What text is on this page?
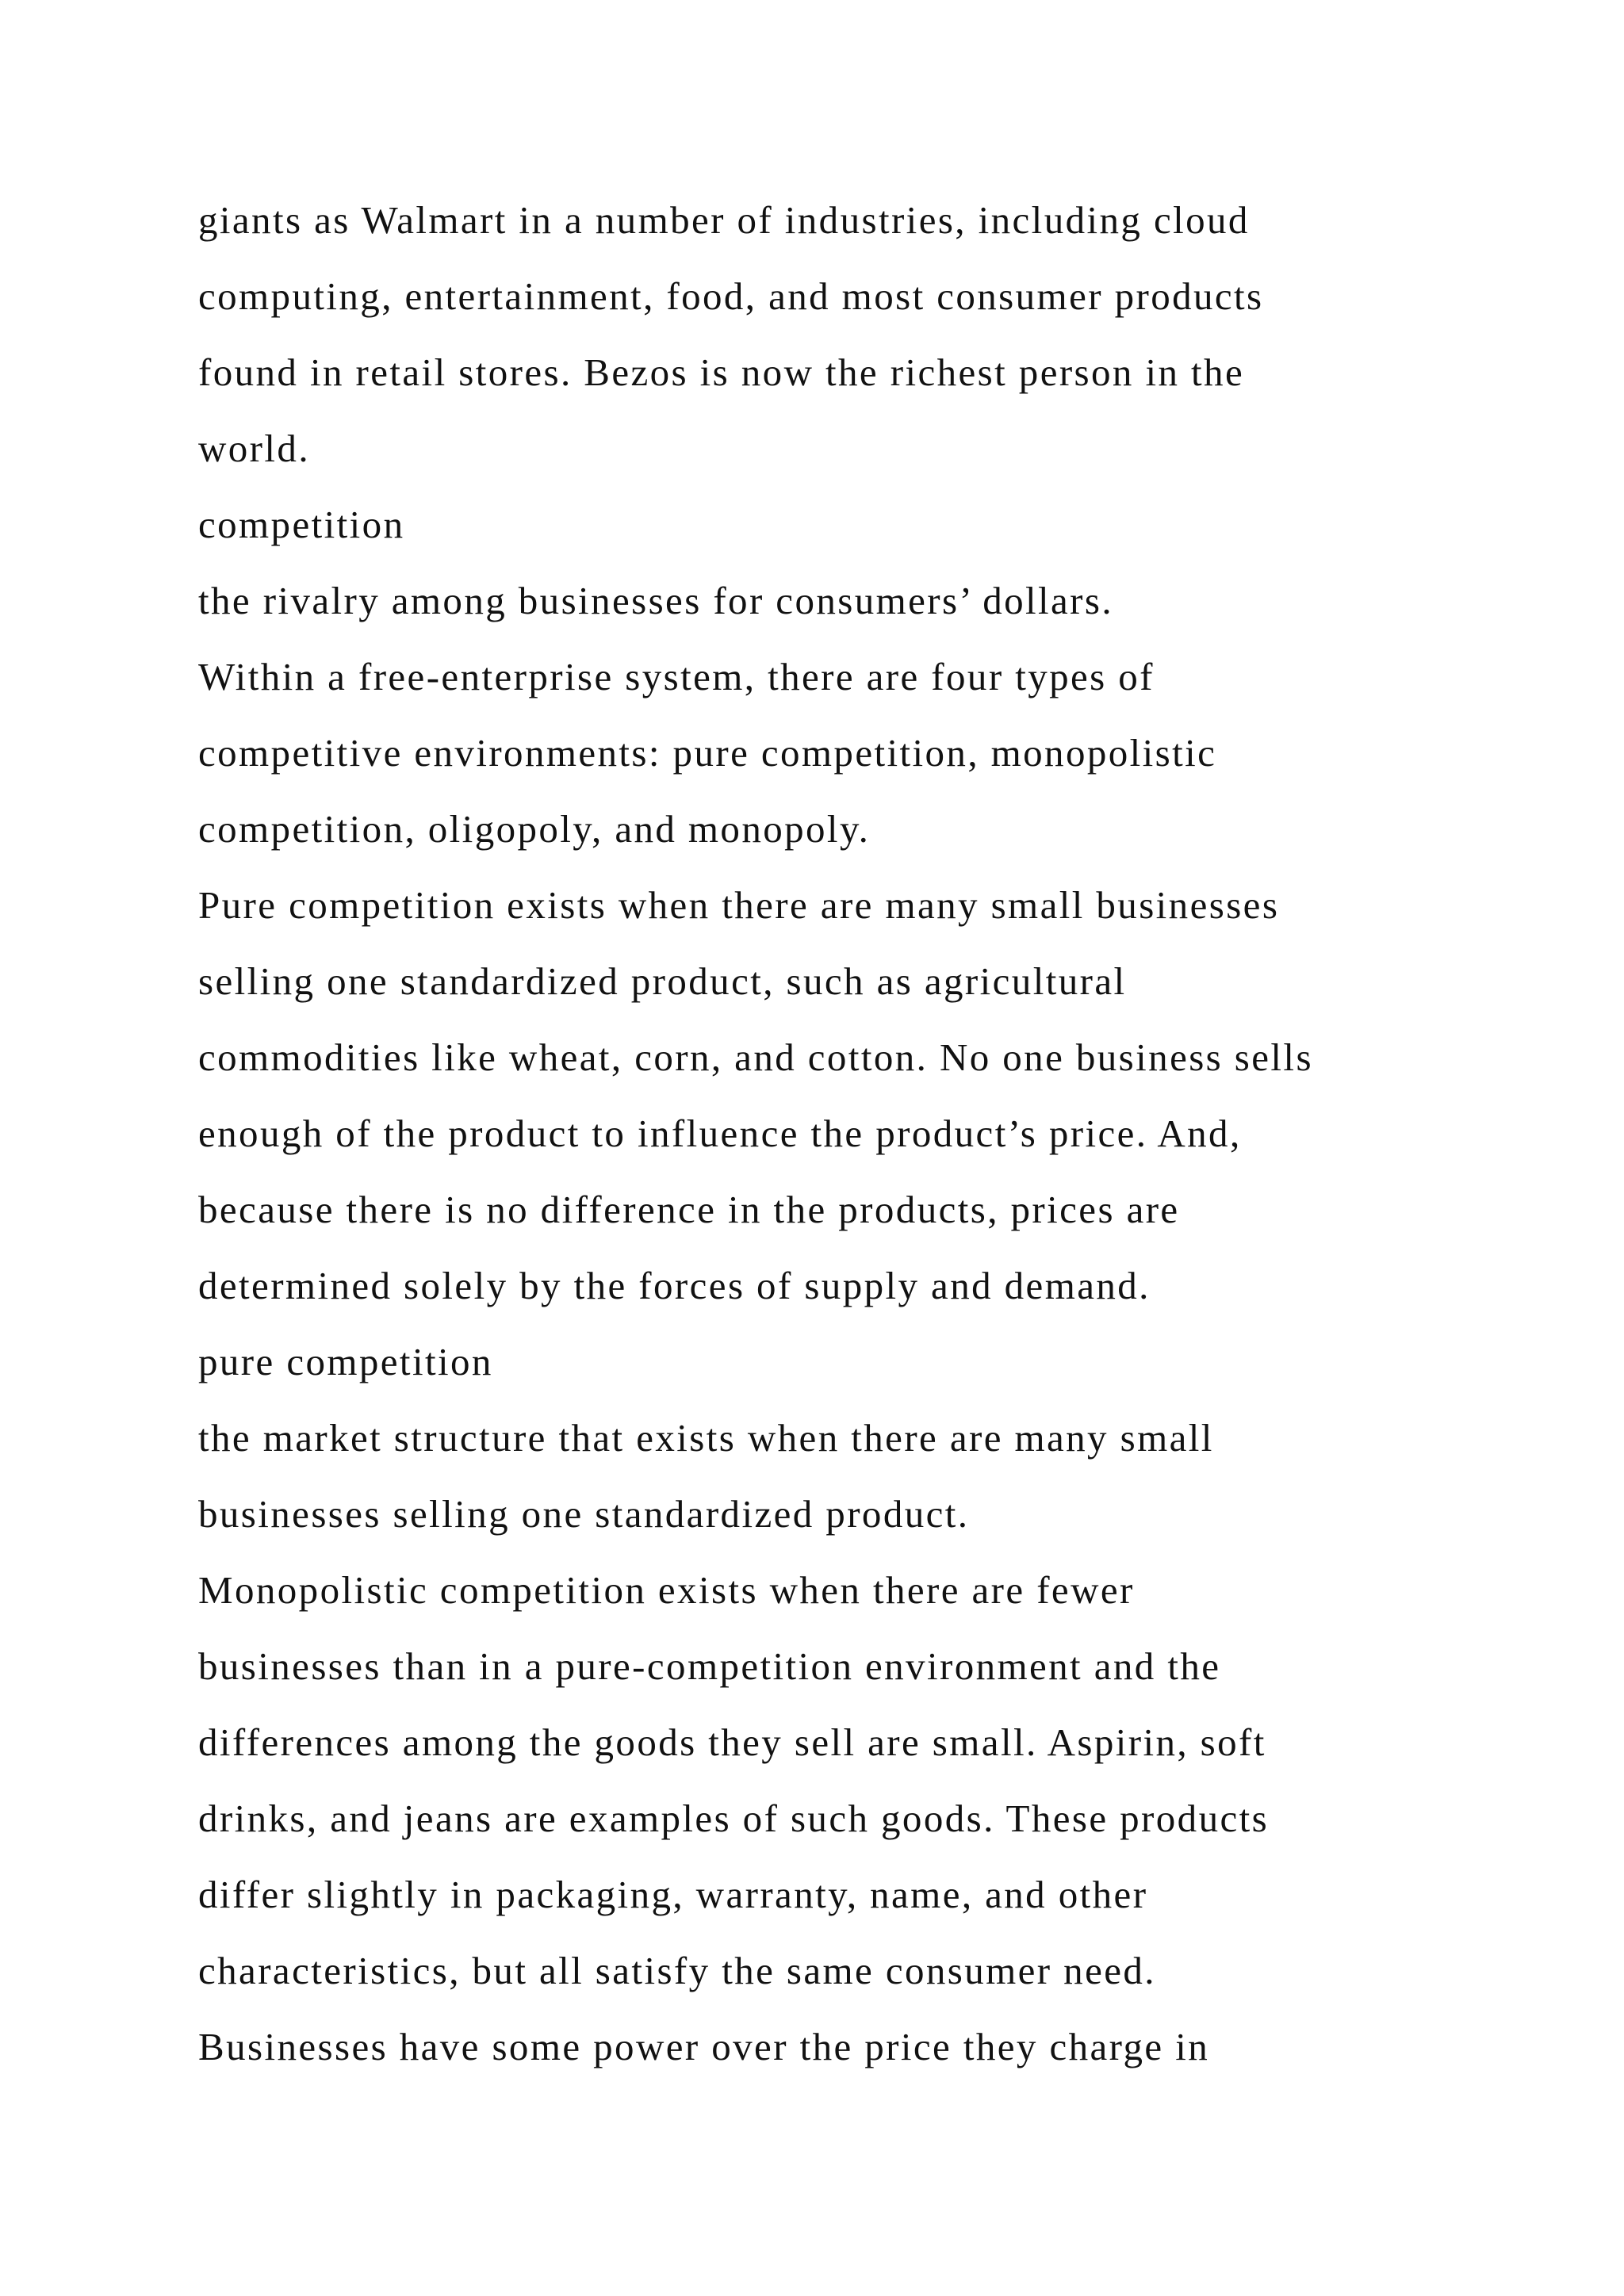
giants as Walmart in a number of industries, including cloud
computing, entertainment, food, and most consumer products
found in retail stores. Bezos is now the richest person in the
world.
competition
the rivalry among businesses for consumers’ dollars.
Within a free-enterprise system, there are four types of
competitive environments: pure competition, monopolistic
competition, oligopoly, and monopoly.
Pure competition exists when there are many small businesses
selling one standardized product, such as agricultural
commodities like wheat, corn, and cotton. No one business sells
enough of the product to influence the product’s price. And,
because there is no difference in the products, prices are
determined solely by the forces of supply and demand.
pure competition
the market structure that exists when there are many small
businesses selling one standardized product.
Monopolistic competition exists when there are fewer
businesses than in a pure-competition environment and the
differences among the goods they sell are small. Aspirin, soft
drinks, and jeans are examples of such goods. These products
differ slightly in packaging, warranty, name, and other
characteristics, but all satisfy the same consumer need.
Businesses have some power over the price they charge in
